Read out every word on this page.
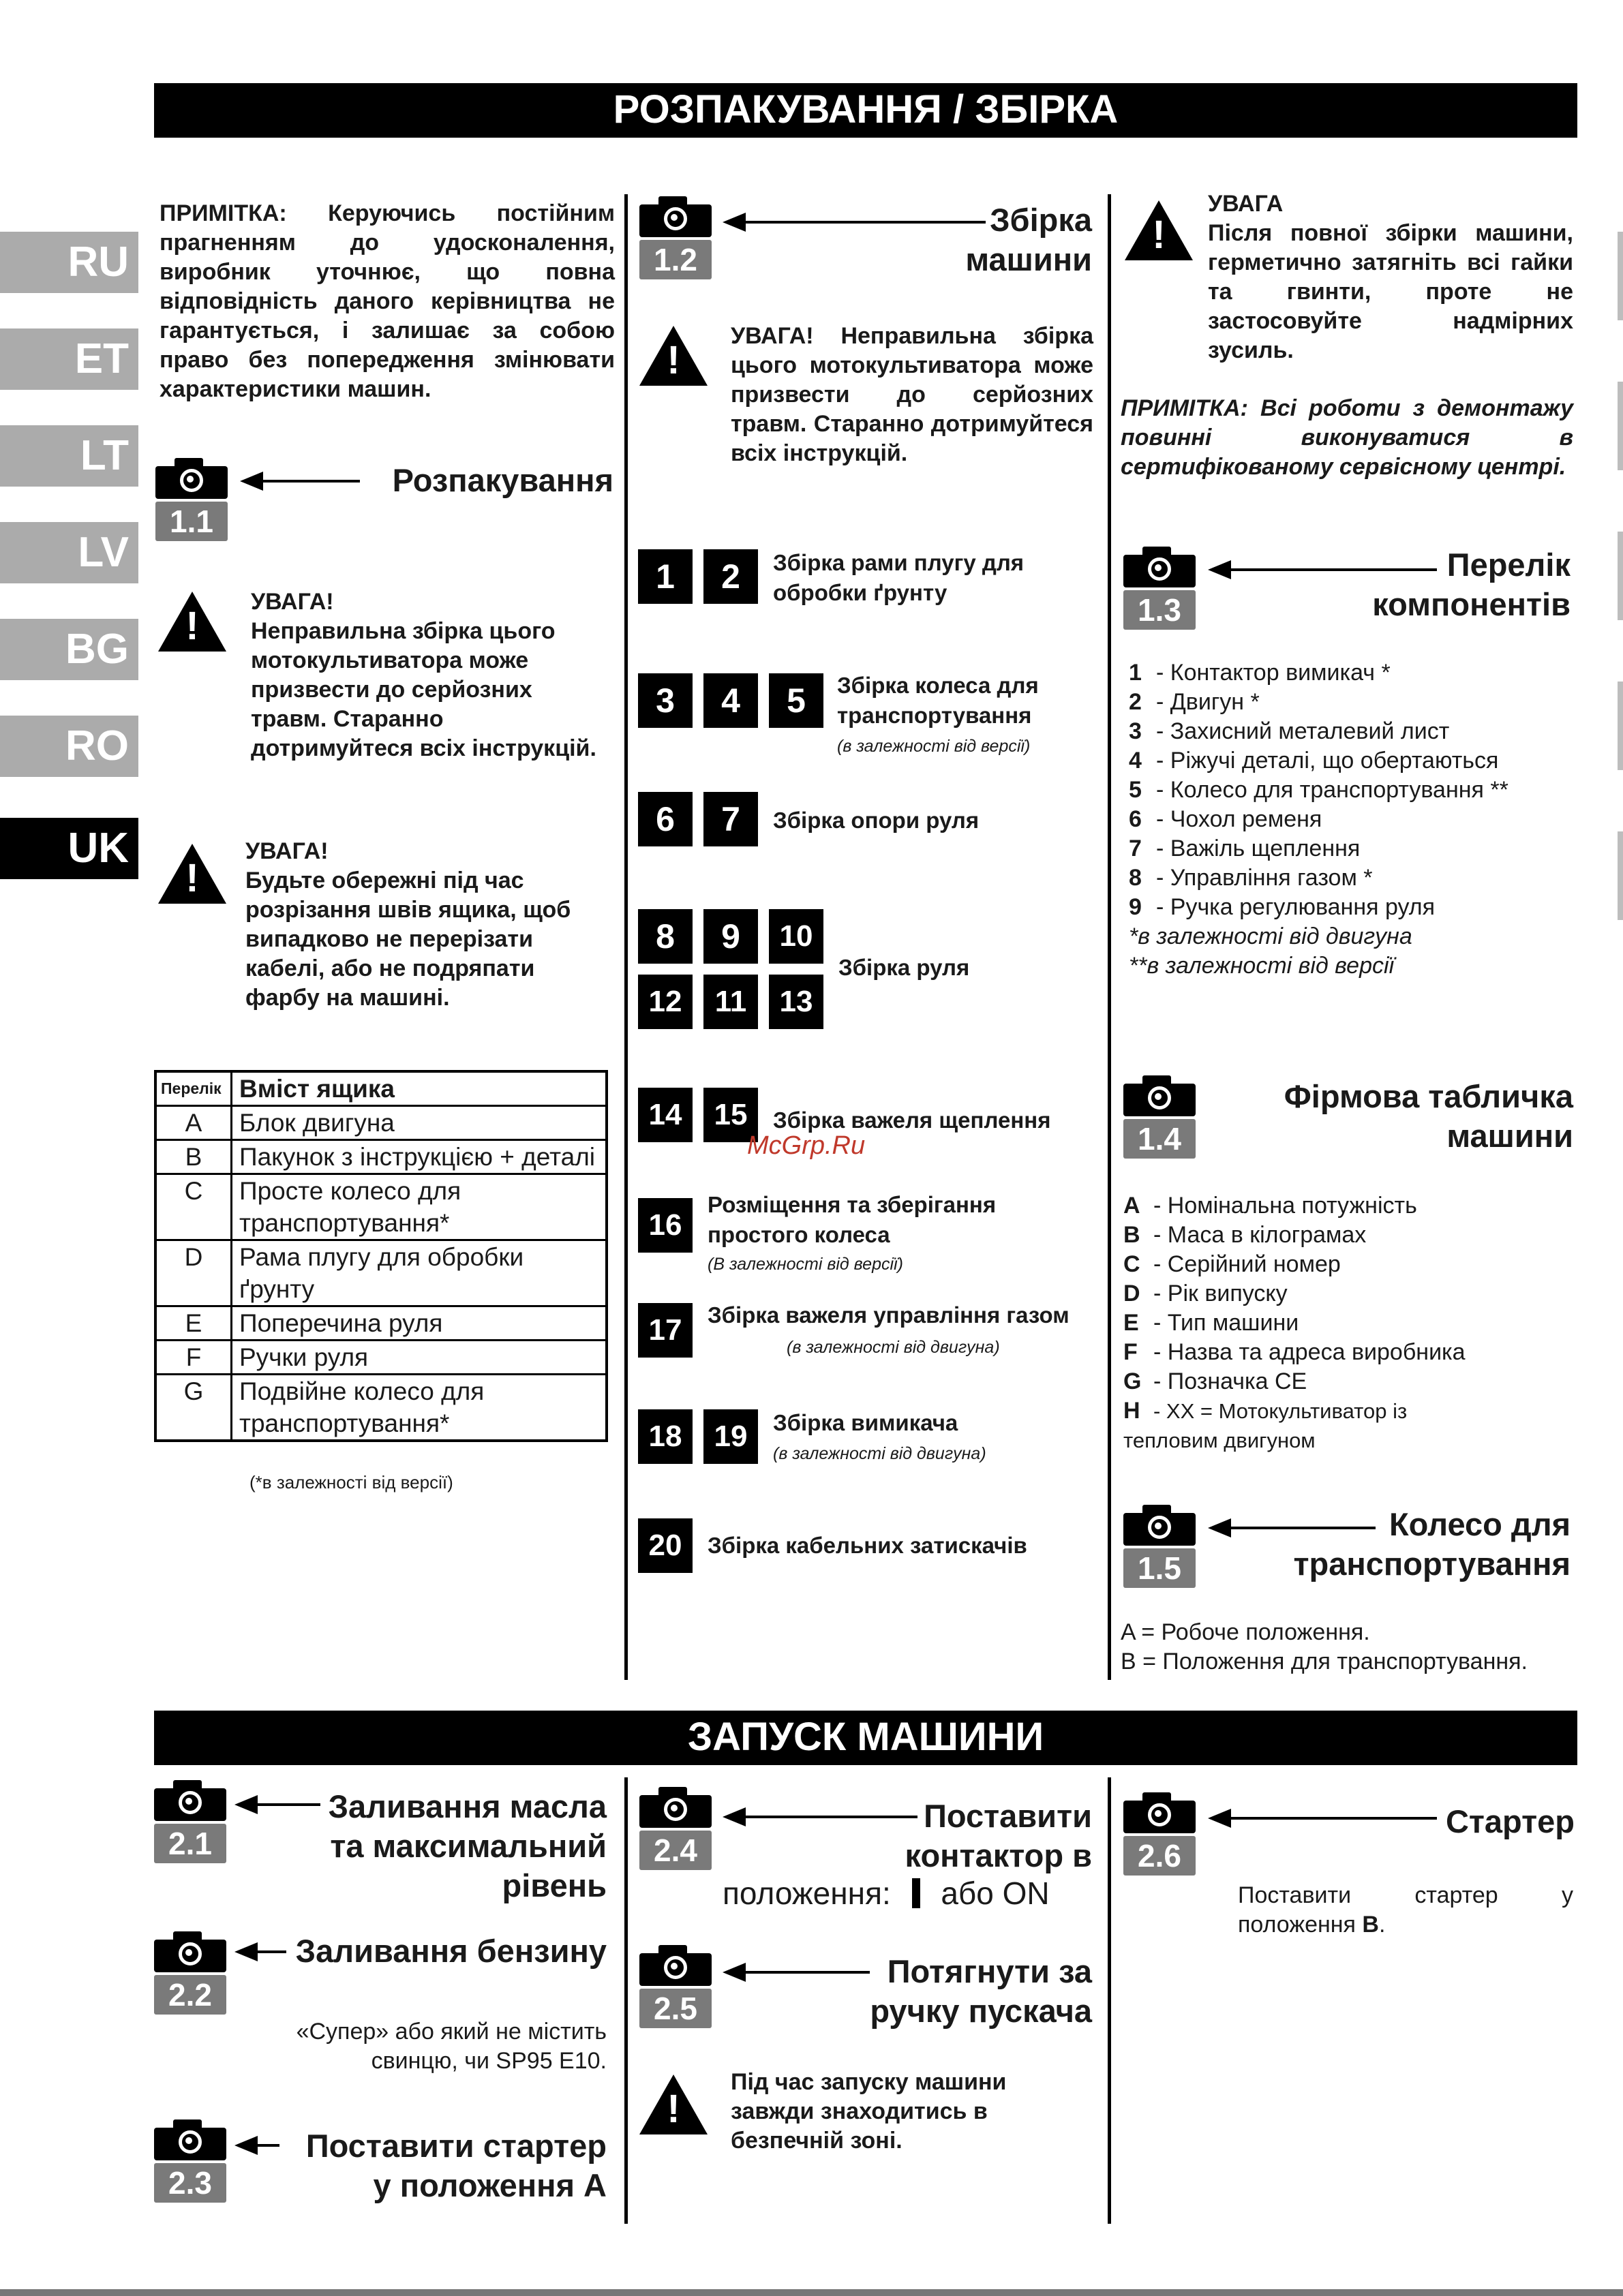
РОЗПАКУВАННЯ / ЗБІРКА
RU
ET
LT
LV
BG
RO
UK
ПРИМІТКА: Керуючись постійним прагненням до удосконалення, виробник уточнює, що повна відповідність даного керівництва не гарантується, і залишає за собою право без попередження змінювати характеристики машин.
1.1
Розпакування
!
УВАГА!
Неправильна збірка цього мотокультиватора може призвести до серйозних травм. Старанно дотримуйтеся всіх інструкцій.
!
УВАГА!
Будьте обережні під час розрізання швів ящика, щоб випадково не перерізати кабелі, або не подряпати фарбу на машині.
Перелік	Вміст ящика
A	Блок двигуна
B	Пакунок з інструкцією + деталі
C	Просте колесо для транспортування*
D	Рама плугу для обробки ґрунту
E	Поперечина руля
F	Ручки руля
G	Подвійне колесо для транспортування*
(*в залежності від версії)
1.2
Збірка машини
!
УВАГА! Неправильна збірка цього мотокультиватора може призвести до серйозних травм. Старанно дотримуйтеся всіх інструкцій.
1	2	Збірка рами плугу для обробки ґрунту
3	4	5	Збірка колеса для транспортування
(в залежності від версії)
6	7	Збірка опори руля
8	9	10
12	11	13
Збірка руля
14	15	Збірка важеля щеплення
16
Розміщення та зберігання простого колеса
(В залежності від версії)
17	Збірка важеля управління газом
(в залежності від двигуна)
18	19	Збірка вимикача
(в залежності від двигуна)
20	Збірка кабельних затискачів
McGrp.Ru
!
УВАГА
Після повної збірки машини, герметично затягніть всі гайки та гвинти, проте не застосовуйте надмірних зусиль.
ПРИМІТКА: Всі роботи з демонтажу повинні виконуватися в сертифікованому сервісному центрі.
1.3
Перелік компонентів
1 - Контактор вимикач *
2 - Двигун *
3 - Захисний металевий лист
4 - Ріжучі деталі, що обертаються
5 - Колесо для транспортування **
6 - Чохол ременя
7 - Важіль щеплення
8 - Управління газом *
9 - Ручка регулювання руля
*в залежності від двигуна
**в залежності від версії
1.4
Фірмова табличка машини
A - Номінальна потужність
B - Маса в кілограмах
C - Серійний номер
D - Рік випуску
E - Тип машини
F - Назва та адреса виробника
G - Позначка CE
H - XX = Мотокультиватор із тепловим двигуном
1.5
Колесо для транспортування
A = Робоче положення.
B = Положення для транспортування.
ЗАПУСК МАШИНИ
2.1
Заливання масла та максимальний рівень
2.2
Заливання бензину
«Супер» або який не містить свинцю, чи SP95 E10.
2.3
Поставити стартер у положення A
2.4
Поставити контактор в
положення: або ON
2.5
Потягнути за ручку пускача
!
Під час запуску машини завжди знаходитись в безпечній зоні.
2.6
Стартер
Поставити стартер у положення B.
